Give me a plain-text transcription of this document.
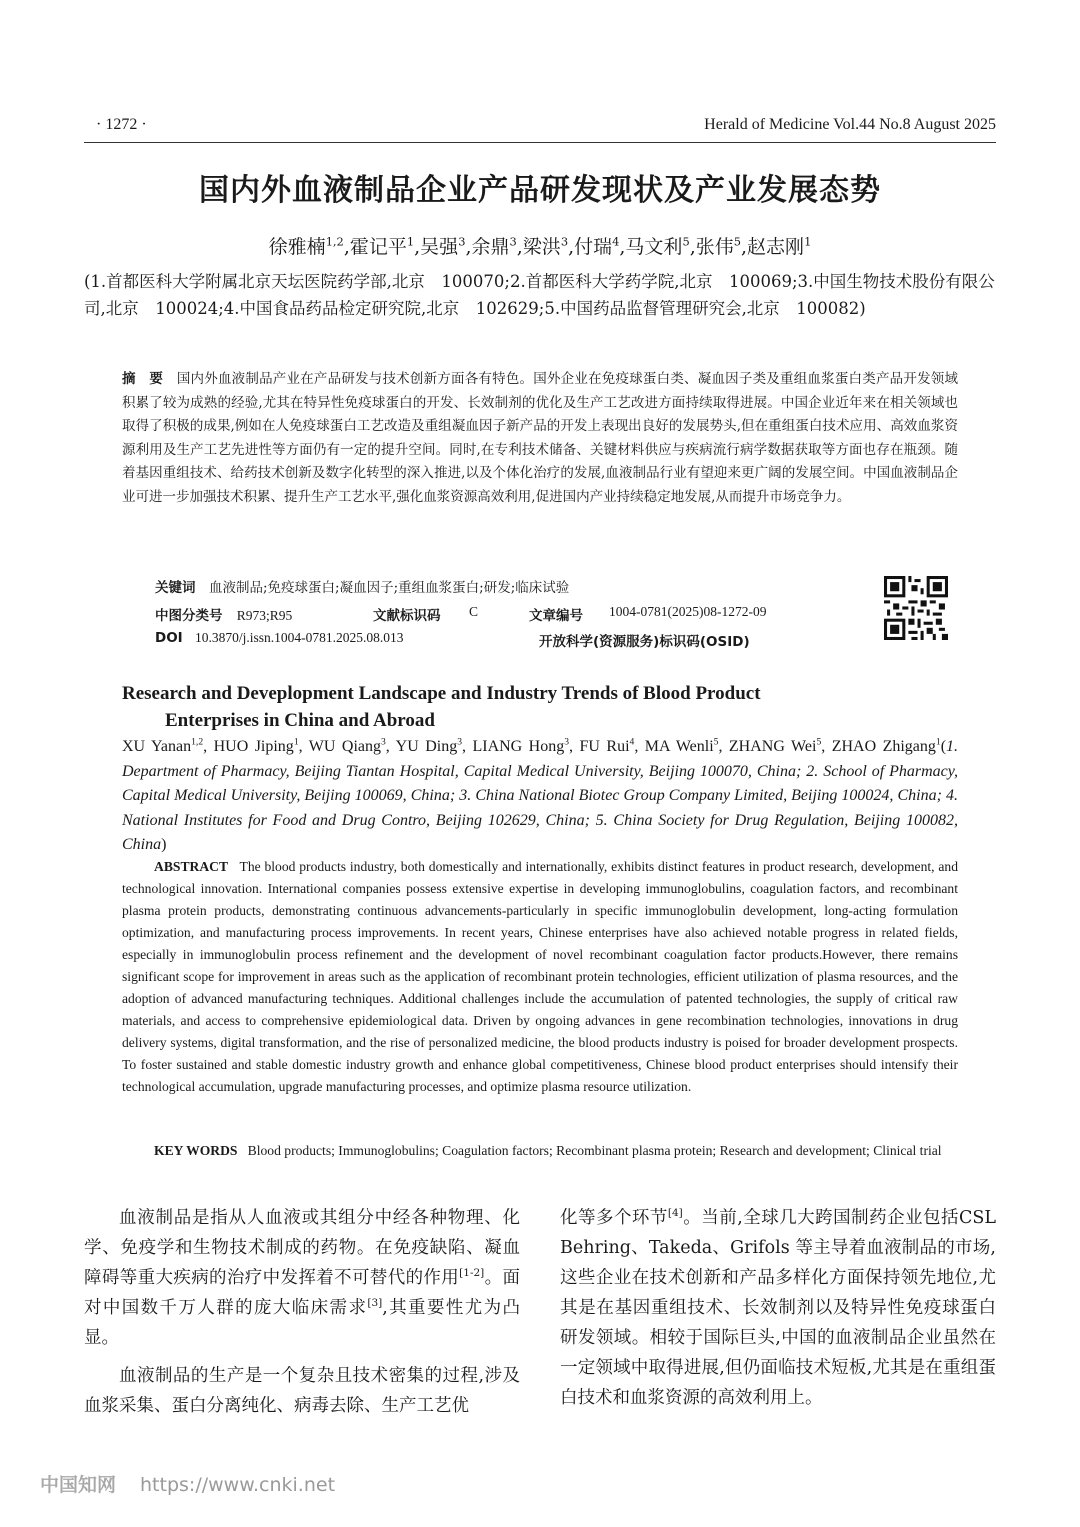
· 1272 ·	Herald of Medicine Vol.44 No.8 August 2025
国内外血液制品企业产品研发现状及产业发展态势
徐雅楠$^{1,2}$,霍记平$^1$,吴强$^3$,余鼎$^3$,梁洪$^3$,付瑞$^4$,马文利$^5$,张伟$^5$,赵志刚$^1$
(1.首都医科大学附属北京天坛医院药学部,北京　100070;2.首都医科大学药学院,北京　100069;3.中国生物技术股份有限公司,北京　100024;4.中国食品药品检定研究院,北京　102629;5.中国药品监督管理研究会,北京　100082)
摘　要　 国内外血液制品产业在产品研发与技术创新方面各有特色。国外企业在免疫球蛋白类、凝血因子类及重组血浆蛋白类产品开发领域积累了较为成熟的经验,尤其在特异性免疫球蛋白的开发、长效制剂的优化及生产工艺改进方面持续取得进展。中国企业近年来在相关领域也取得了积极的成果,例如在人免疫球蛋白工艺改造及重组凝血因子新产品的开发上表现出良好的发展势头,但在重组蛋白技术应用、高效血浆资源利用及生产工艺先进性等方面仍有一定的提升空间。同时,在专利技术储备、关键材料供应与疾病流行病学数据获取等方面也存在瓶颈。随着基因重组技术、给药技术创新及数字化转型的深入推进,以及个体化治疗的发展,血液制品行业有望迎来更广阔的发展空间。中国血液制品企业可进一步加强技术积累、提升生产工艺水平,强化血浆资源高效利用,促进国内产业持续稳定地发展,从而提升市场竞争力。
关键词　 血液制品;免疫球蛋白;凝血因子;重组血浆蛋白;研发;临床试验
中图分类号 R973;R95	文献标识码 C	文章编号 1004-0781(2025)08-1272-09
DOI 10.3870/j.issn.1004-0781.2025.08.013	开放科学(资源服务)标识码(OSID)
Research and Deveplopment Landscape and Industry Trends of Blood Product
Enterprises in China and Abroad
XU Yanan$^{1,2}$, HUO Jiping$^1$, WU Qiang$^3$, YU Ding$^3$, LIANG Hong$^3$, FU Rui$^4$, MA Wenli$^5$, ZHANG Wei$^5$, ZHAO Zhigang$^1$(1. Department of Pharmacy, Beijing Tiantan Hospital, Capital Medical University, Beijing 100070, China; 2. School of Pharmacy, Capital Medical University, Beijing 100069, China; 3. China National Biotec Group Company Limited, Beijing 100024, China; 4. National Institutes for Food and Drug Contro, Beijing 102629, China; 5. China Society for Drug Regulation, Beijing 100082, China)
ABSTRACT The blood products industry, both domestically and internationally, exhibits distinct features in product research, development, and technological innovation. International companies possess extensive expertise in developing immunoglobulins, coagulation factors, and recombinant plasma protein products, demonstrating continuous advancements-particularly in specific immunoglobulin development, long-acting formulation optimization, and manufacturing process improvements. In recent years, Chinese enterprises have also achieved notable progress in related fields, especially in immunoglobulin process refinement and the development of novel recombinant coagulation factor products.However, there remains significant scope for improvement in areas such as the application of recombinant protein technologies, efficient utilization of plasma resources, and the adoption of advanced manufacturing techniques. Additional challenges include the accumulation of patented technologies, the supply of critical raw materials, and access to comprehensive epidemiological data. Driven by ongoing advances in gene recombination technologies, innovations in drug delivery systems, digital transformation, and the rise of personalized medicine, the blood products industry is poised for broader development prospects. To foster sustained and stable domestic industry growth and enhance global competitiveness, Chinese blood product enterprises should intensify their technological accumulation, upgrade manufacturing processes, and optimize plasma resource utilization.
KEY WORDS Blood products; Immunoglobulins; Coagulation factors; Recombinant plasma protein; Research and development; Clinical trial
血液制品是指从人血液或其组分中经各种物理、化学、免疫学和生物技术制成的药物。在免疫缺陷、凝血障碍等重大疾病的治疗中发挥着不可替代的作用[1-2]。面对中国数千万人群的庞大临床需求[3],其重要性尤为凸显。
血液制品的生产是一个复杂且技术密集的过程,涉及血浆采集、蛋白分离纯化、病毒去除、生产工艺优
化等多个环节[4]。当前,全球几大跨国制药企业包括CSL Behring、Takeda、Grifols 等主导着血液制品的市场,这些企业在技术创新和产品多样化方面保持领先地位,尤其是在基因重组技术、长效制剂以及特异性免疫球蛋白研发领域。相较于国际巨头,中国的血液制品企业虽然在一定领域中取得进展,但仍面临技术短板,尤其是在重组蛋白技术和血浆资源的高效利用上。
中国知网 https://www.cnki.net
